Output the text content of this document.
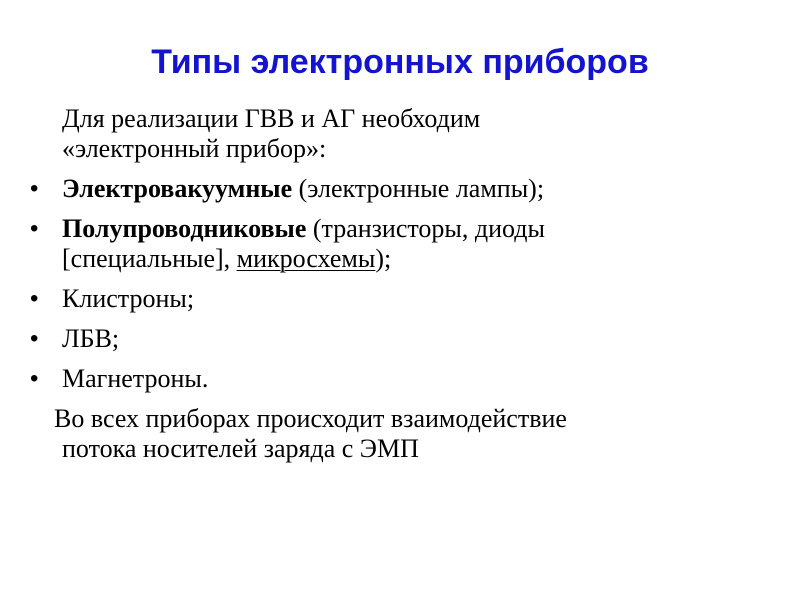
Типы электронных приборов

Для реализации ГВВ и АГ необходим
«электронный прибор»:

• Электровакуумные (электронные лампы);
• Полупроводниковые (транзисторы, диоды
[специальные], микросхемы);
• Клистроны;
• ЛБВ;
• Магнетроны.

Во всех приборах происходит взаимодействие
потока носителей заряда с ЭМП
